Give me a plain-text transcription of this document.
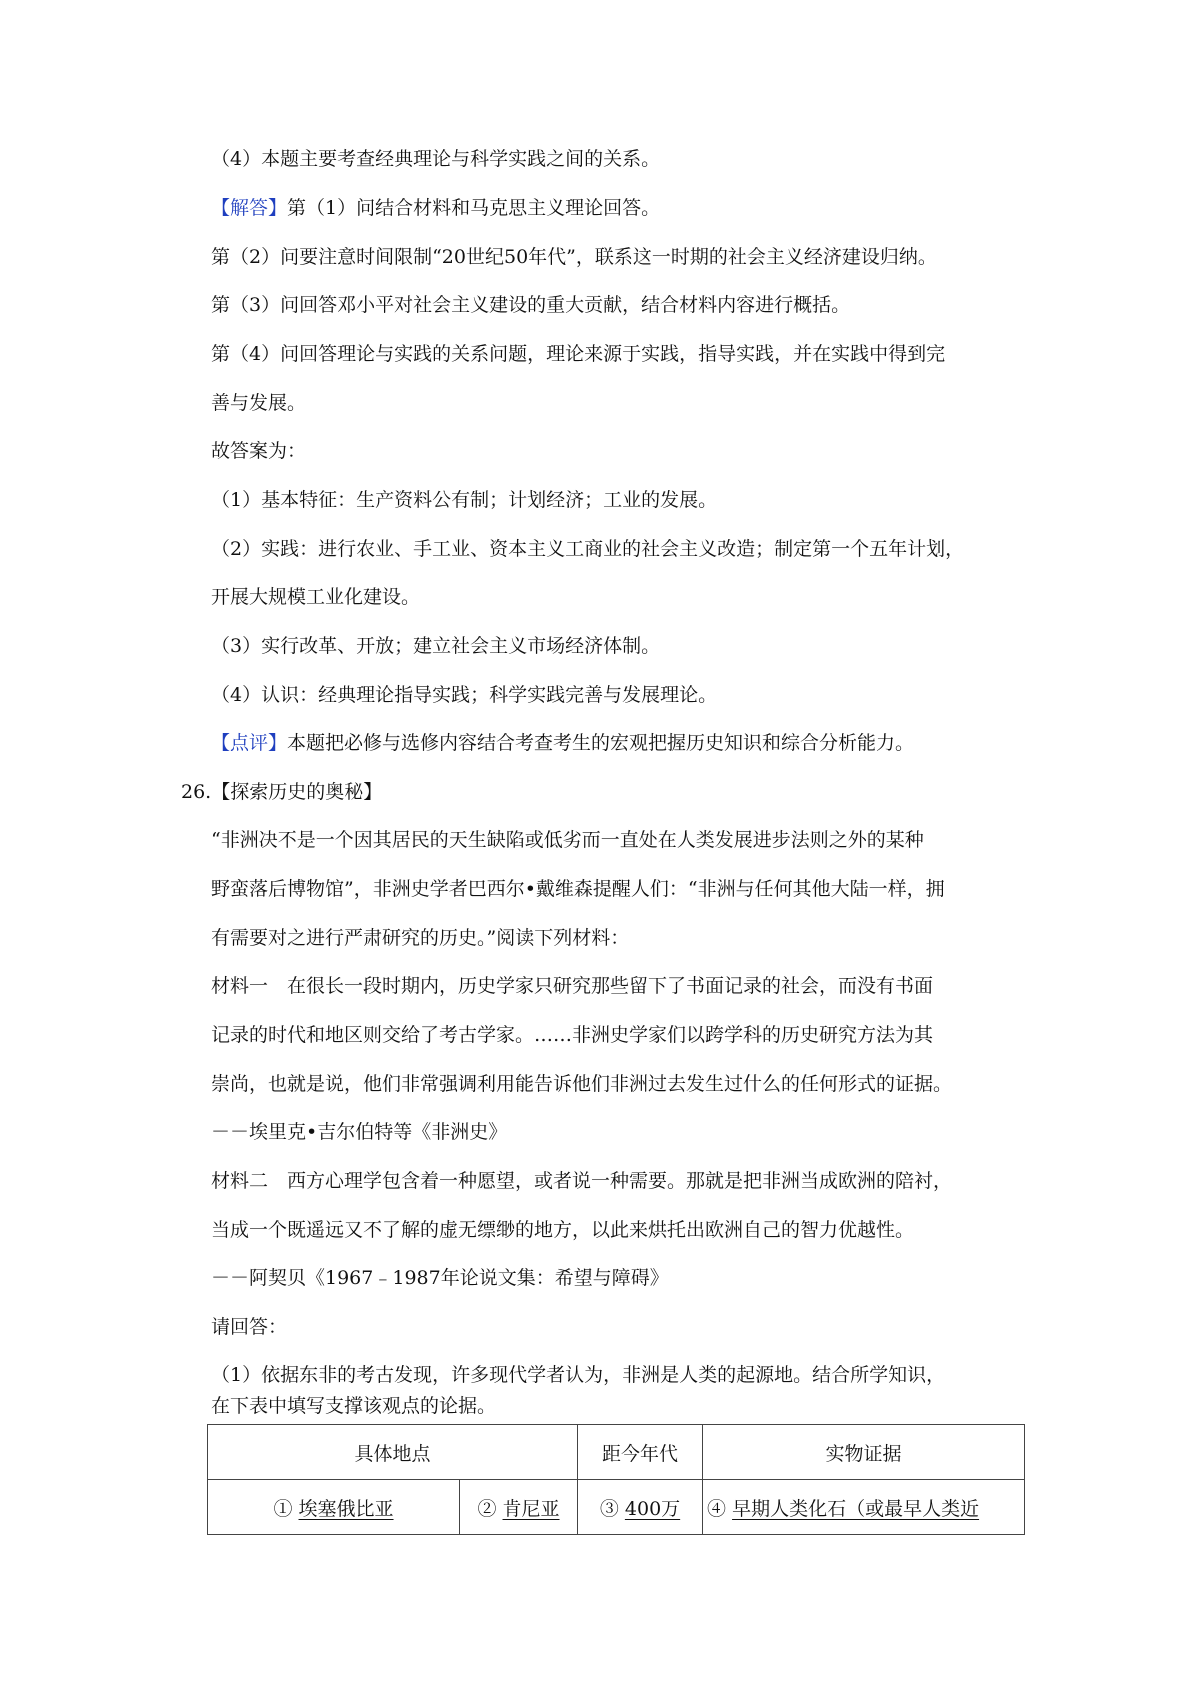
（4）本题主要考查经典理论与科学实践之间的关系。
【解答】第（1）问结合材料和马克思主义理论回答。
第（2）问要注意时间限制“20世纪50年代”，联系这一时期的社会主义经济建设归纳。
第（3）问回答邓小平对社会主义建设的重大贡献，结合材料内容进行概括。
第（4）问回答理论与实践的关系问题，理论来源于实践，指导实践，并在实践中得到完
善与发展。
故答案为：
（1）基本特征：生产资料公有制；计划经济；工业的发展。
（2）实践：进行农业、手工业、资本主义工商业的社会主义改造；制定第一个五年计划，
开展大规模工业化建设。
（3）实行改革、开放；建立社会主义市场经济体制。
（4）认识：经典理论指导实践；科学实践完善与发展理论。
【点评】本题把必修与选修内容结合考查考生的宏观把握历史知识和综合分析能力。
26.【探索历史的奥秘】
“非洲决不是一个因其居民的天生缺陷或低劣而一直处在人类发展进步法则之外的某种
野蛮落后博物馆”，非洲史学者巴西尔•戴维森提醒人们：“非洲与任何其他大陆一样，拥
有需要对之进行严肃研究的历史。”阅读下列材料：
材料一　在很长一段时期内，历史学家只研究那些留下了书面记录的社会，而没有书面
记录的时代和地区则交给了考古学家。……非洲史学家们以跨学科的历史研究方法为其
崇尚，也就是说，他们非常强调利用能告诉他们非洲过去发生过什么的任何形式的证据。
－－埃里克•吉尔伯特等《非洲史》
材料二　西方心理学包含着一种愿望，或者说一种需要。那就是把非洲当成欧洲的陪衬，
当成一个既遥远又不了解的虚无缥缈的地方，以此来烘托出欧洲自己的智力优越性。
－－阿契贝《1967﹣1987年论说文集：希望与障碍》
请回答：
（1）依据东非的考古发现，许多现代学者认为，非洲是人类的起源地。结合所学知识，
在下表中填写支撑该观点的论据。
具体地点		距今年代	实物证据
① 埃塞俄比亚	② 肯尼亚	③ 400万	④ 早期人类化石（或最早人类近
